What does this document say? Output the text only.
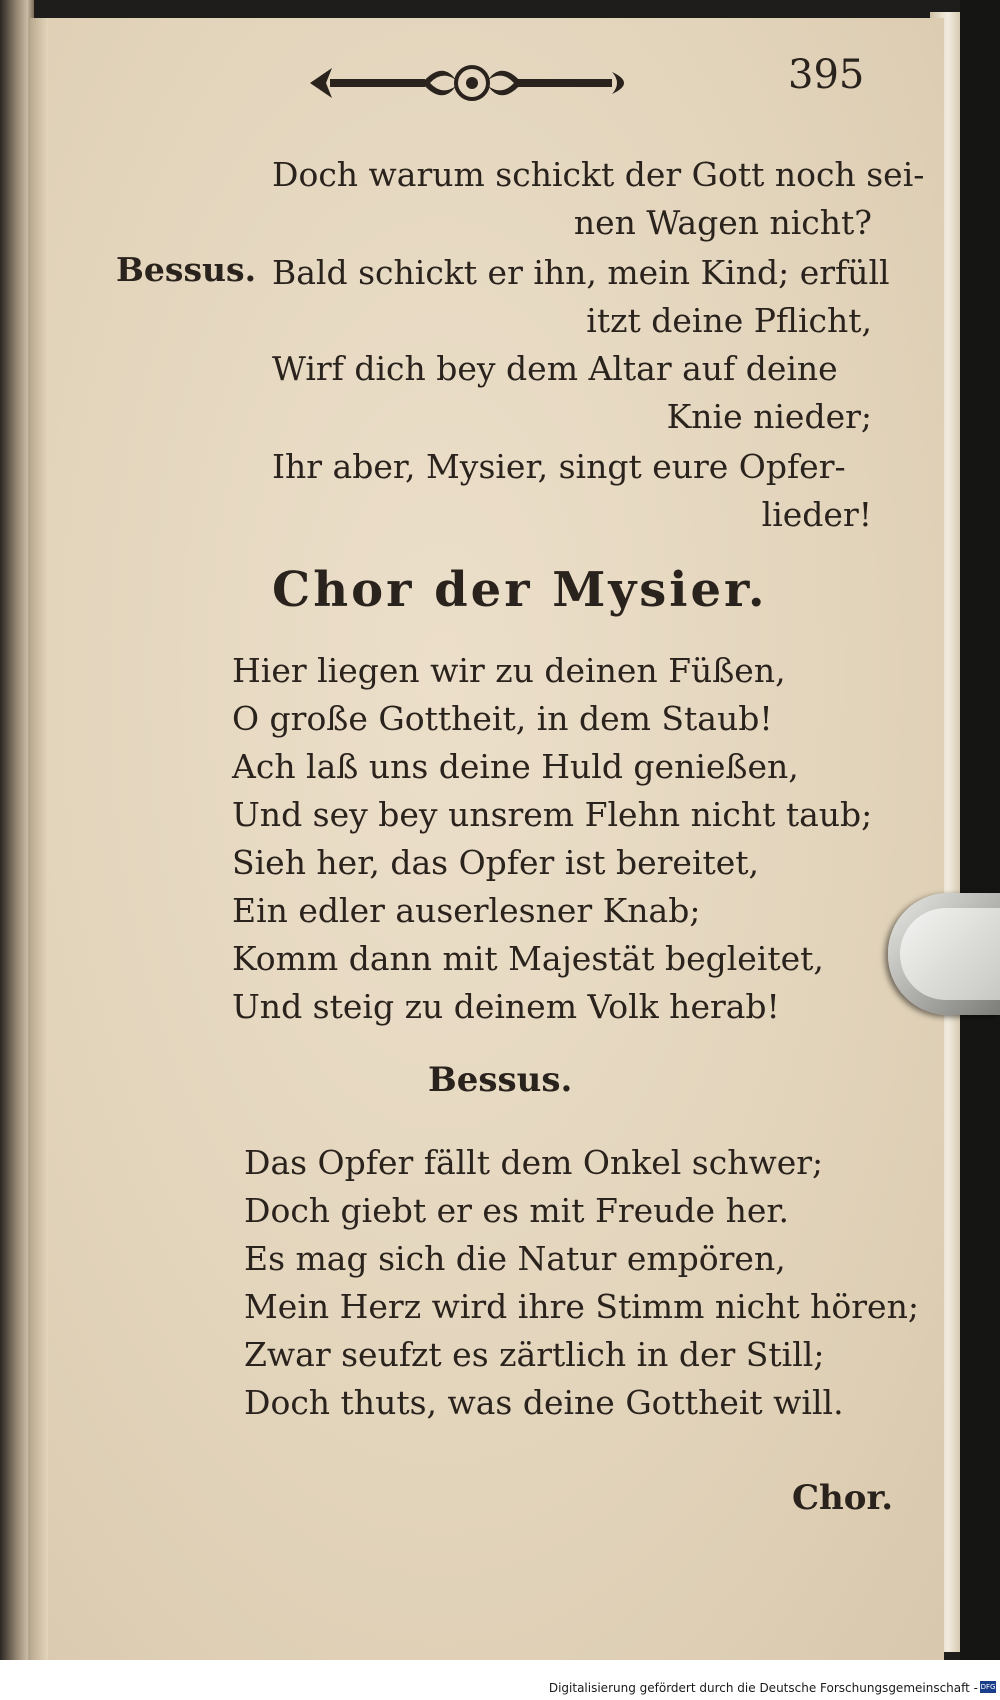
395
Doch warum schickt der Gott noch sei-
nen Wagen nicht?
Bessus. Bald schickt er ihn, mein Kind; erfüll
itzt deine Pflicht,
Wirf dich bey dem Altar auf deine
Knie nieder;
Ihr aber, Mysier, singt eure Opfer-
lieder!
Chor der Mysier.
Hier liegen wir zu deinen Füßen,
O große Gottheit, in dem Staub!
Ach laß uns deine Huld genießen,
Und sey bey unsrem Flehn nicht taub;
Sieh her, das Opfer ist bereitet,
Ein edler auserlesner Knab;
Komm dann mit Majestät begleitet,
Und steig zu deinem Volk herab!
Bessus.
Das Opfer fällt dem Onkel schwer;
Doch giebt er es mit Freude her.
Es mag sich die Natur empören,
Mein Herz wird ihre Stimm nicht hören;
Zwar seufzt es zärtlich in der Still;
Doch thuts, was deine Gottheit will.
Chor.
Digitalisierung gefördert durch die Deutsche Forschungsgemeinschaft - DFG
